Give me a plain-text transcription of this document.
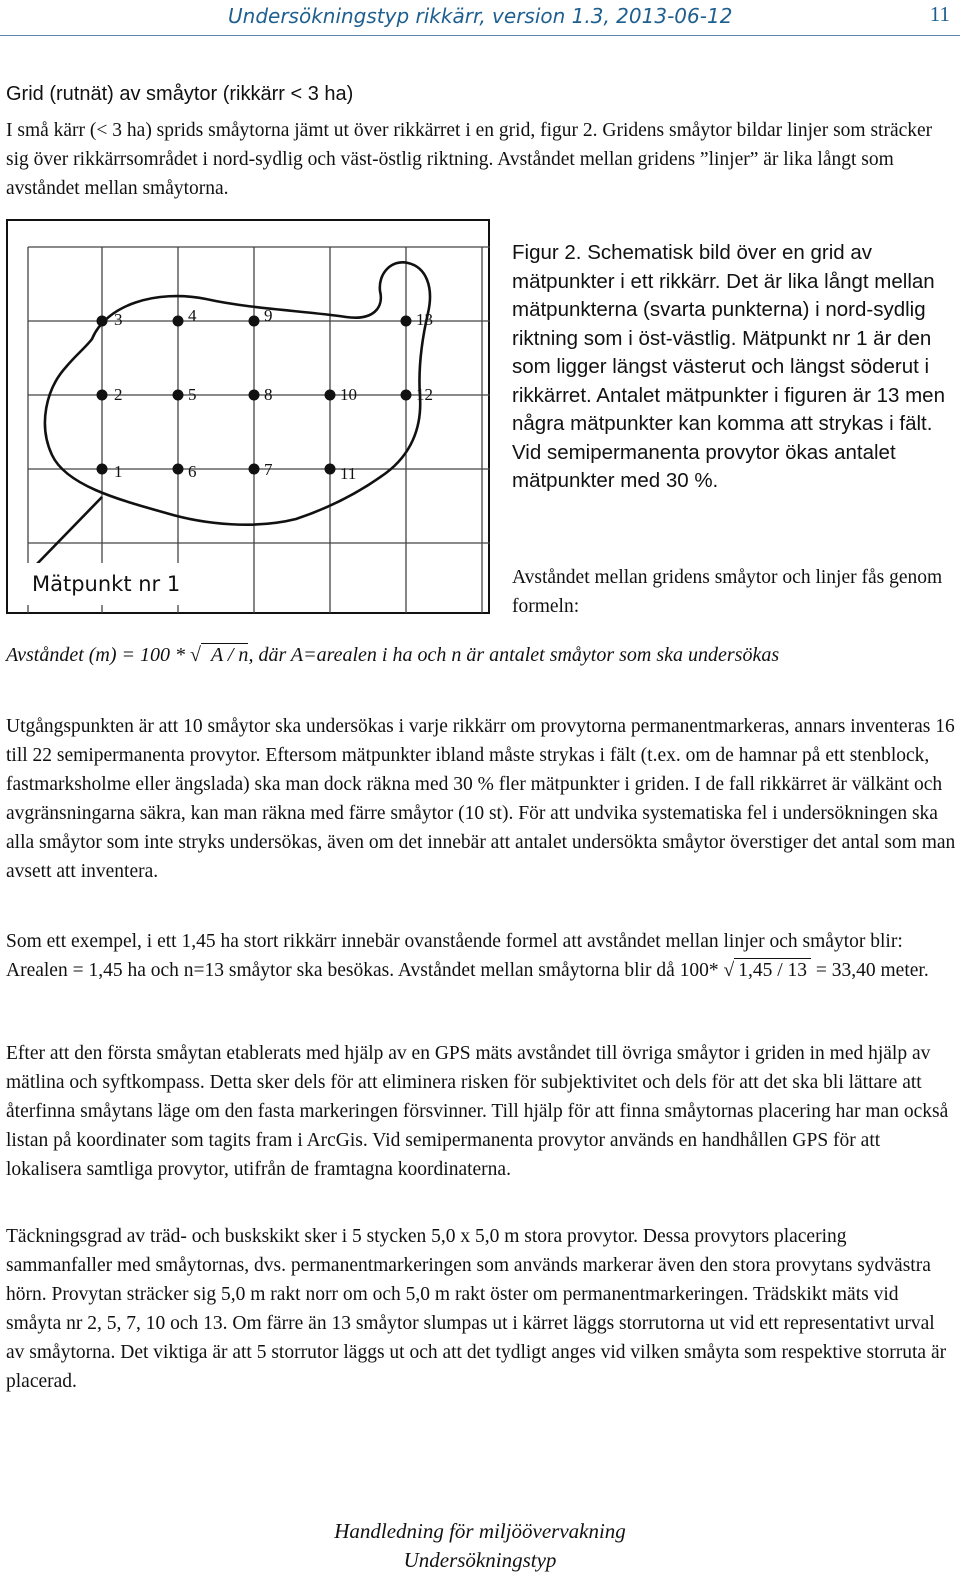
Undersökningstyp rikkärr, version 1.3, 2013-06-12	11
Grid (rutnät) av småytor (rikkärr < 3 ha)
I små kärr (< 3 ha) sprids småytorna jämt ut över rikkärret i en grid, figur 2. Gridens småytor bildar linjer som sträcker sig över rikkärrsområdet i nord-sydlig och väst-östlig riktning. Avståndet mellan gridens ”linjer” är lika långt som avståndet mellan småytorna.
1
2
3	4
5
6	7
8
9
10
11
12
13
Mätpunkt nr 1
Figur 2. Schematisk bild över en grid av mätpunkter i ett rikkärr. Det är lika långt mellan mätpunkterna (svarta punkterna) i nord-sydlig riktning som i öst-västlig. Mätpunkt nr 1 är den som ligger längst västerut och längst söderut i rikkärret. Antalet mätpunkter i figuren är 13 men några mätpunkter kan komma att strykas i fält. Vid semipermanenta provytor ökas antalet mätpunkter med 30 %.
Avståndet mellan gridens småytor och linjer fås genom formeln:
Avståndet (m) = 100 * √ A / n, där A=arealen i ha och n är antalet småytor som ska undersökas
Utgångspunkten är att 10 småytor ska undersökas i varje rikkärr om provytorna permanentmarkeras, annars inventeras 16 till 22 semipermanenta provytor. Eftersom mätpunkter ibland måste strykas i fält (t.ex. om de hamnar på ett stenblock, fastmarksholme eller ängslada) ska man dock räkna med 30 % fler mätpunkter i griden. I de fall rikkärret är välkänt och avgränsningarna säkra, kan man räkna med färre småytor (10 st). För att undvika systematiska fel i undersökningen ska alla småytor som inte stryks undersökas, även om det innebär att antalet undersökta småytor överstiger det antal som man avsett att inventera.
Som ett exempel, i ett 1,45 ha stort rikkärr innebär ovanstående formel att avståndet mellan linjer och småytor blir: Arealen = 1,45 ha och n=13 småytor ska besökas. Avståndet mellan småytorna blir då 100* √ 1,45 / 13 = 33,40 meter.
Efter att den första småytan etablerats med hjälp av en GPS mäts avståndet till övriga småytor i griden in med hjälp av mätlina och syftkompass. Detta sker dels för att eliminera risken för subjektivitet och dels för att det ska bli lättare att återfinna småytans läge om den fasta markeringen försvinner. Till hjälp för att finna småytornas placering har man också listan på koordinater som tagits fram i ArcGis. Vid semipermanenta provytor används en handhållen GPS för att lokalisera samtliga provytor, utifrån de framtagna koordinaterna.
Täckningsgrad av träd- och buskskikt sker i 5 stycken 5,0 x 5,0 m stora provytor. Dessa provytors placering sammanfaller med småytornas, dvs. permanentmarkeringen som används markerar även den stora provytans sydvästra hörn. Provytan sträcker sig 5,0 m rakt norr om och 5,0 m rakt öster om permanentmarkeringen. Trädskikt mäts vid småyta nr 2, 5, 7, 10 och 13. Om färre än 13 småytor slumpas ut i kärret läggs storrutorna ut vid ett representativt urval av småytorna. Det viktiga är att 5 storrutor läggs ut och att det tydligt anges vid vilken småyta som respektive storruta är placerad.
Handledning för miljöövervakning
Undersökningstyp
